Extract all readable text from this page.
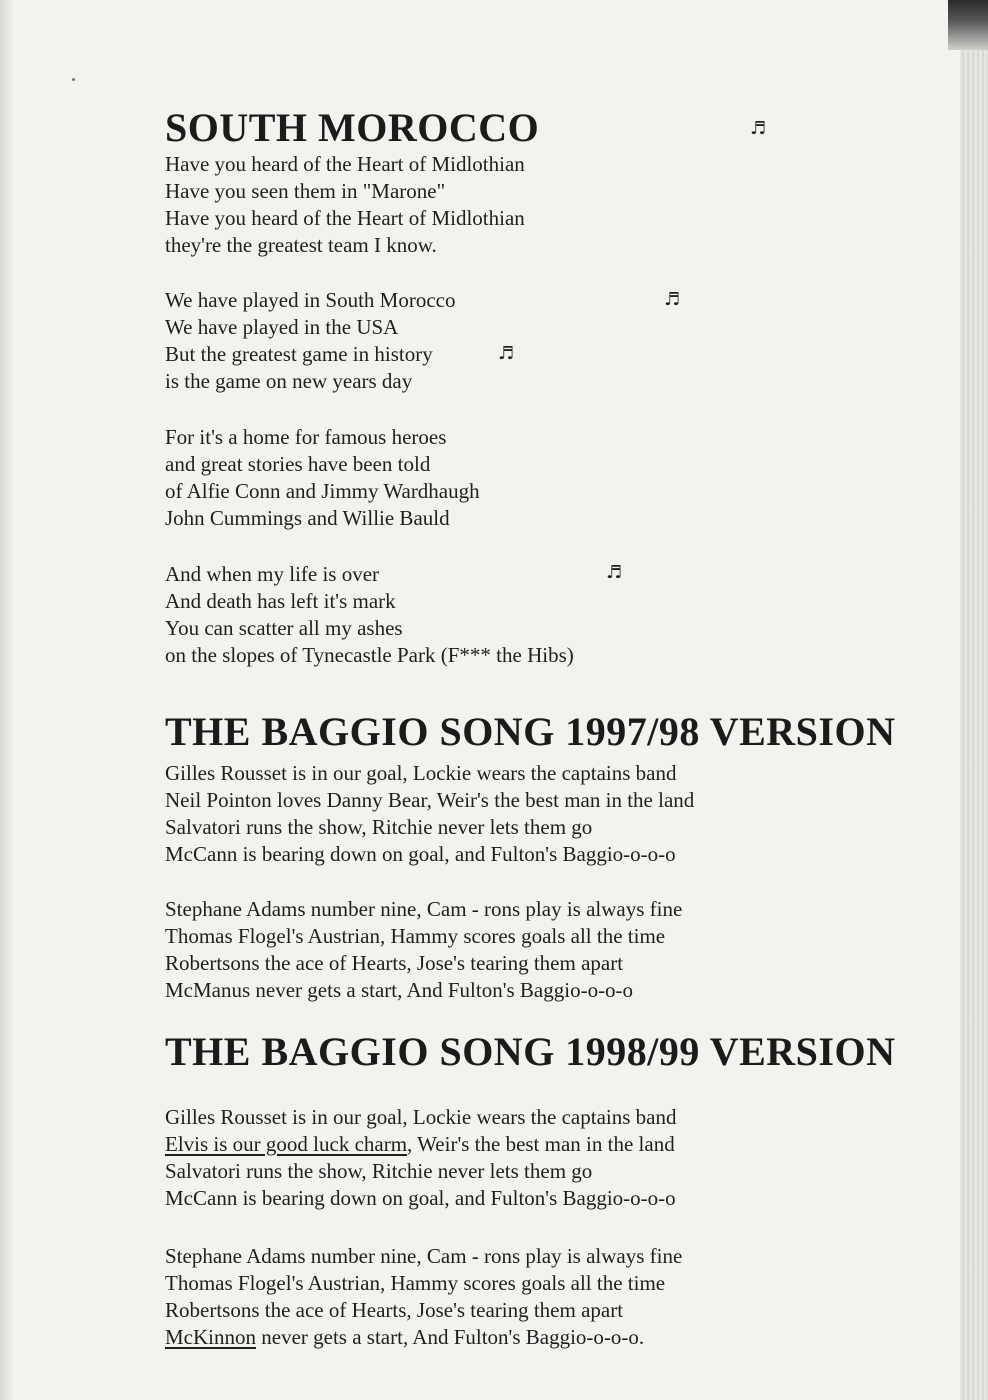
SOUTH MOROCCO	♬
Have you heard of the Heart of Midlothian
Have you seen them in "Marone"
Have you heard of the Heart of Midlothian
they're the greatest team I know.
We have played in South Morocco	♬
We have played in the USA
But the greatest game in history	♬
is the game on new years day
For it's a home for famous heroes
and great stories have been told
of Alfie Conn and Jimmy Wardhaugh
John Cummings and Willie Bauld
And when my life is over	♬
And death has left it's mark
You can scatter all my ashes
on the slopes of Tynecastle Park (F*** the Hibs)
THE BAGGIO SONG 1997/98 VERSION
Gilles Rousset is in our goal, Lockie wears the captains band
Neil Pointon loves Danny Bear, Weir's the best man in the land
Salvatori runs the show, Ritchie never lets them go
McCann is bearing down on goal, and Fulton's Baggio-o-o-o
Stephane Adams number nine, Cam - rons play is always fine
Thomas Flogel's Austrian, Hammy scores goals all the time
Robertsons the ace of Hearts, Jose's tearing them apart
McManus never gets a start, And Fulton's Baggio-o-o-o
THE BAGGIO SONG 1998/99 VERSION
Gilles Rousset is in our goal, Lockie wears the captains band
Elvis is our good luck charm, Weir's the best man in the land
Salvatori runs the show, Ritchie never lets them go
McCann is bearing down on goal, and Fulton's Baggio-o-o-o
Stephane Adams number nine, Cam - rons play is always fine
Thomas Flogel's Austrian, Hammy scores goals all the time
Robertsons the ace of Hearts, Jose's tearing them apart
McKinnon never gets a start, And Fulton's Baggio-o-o-o.
